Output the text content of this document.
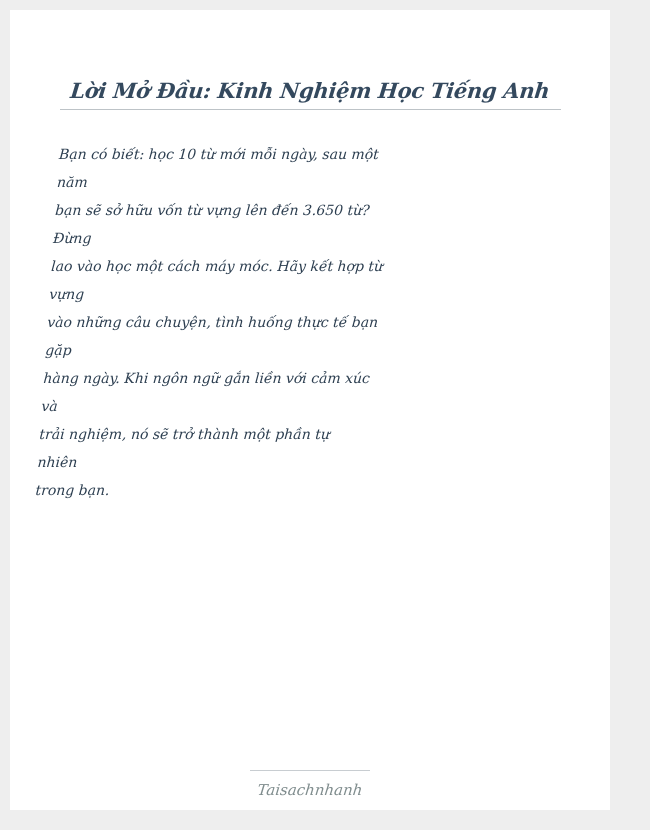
Lời Mở Đầu: Kinh Nghiệm Học Tiếng Anh
Bạn có biết: học 10 từ mới mỗi ngày, sau một
năm
bạn sẽ sở hữu vốn từ vựng lên đến 3.650 từ?
Đừng
lao vào học một cách máy móc. Hãy kết hợp từ
vựng
vào những câu chuyện, tình huống thực tế bạn
gặp
hàng ngày. Khi ngôn ngữ gắn liền với cảm xúc
và
trải nghiệm, nó sẽ trở thành một phần tự
nhiên
trong bạn.
Taisachnhanh
